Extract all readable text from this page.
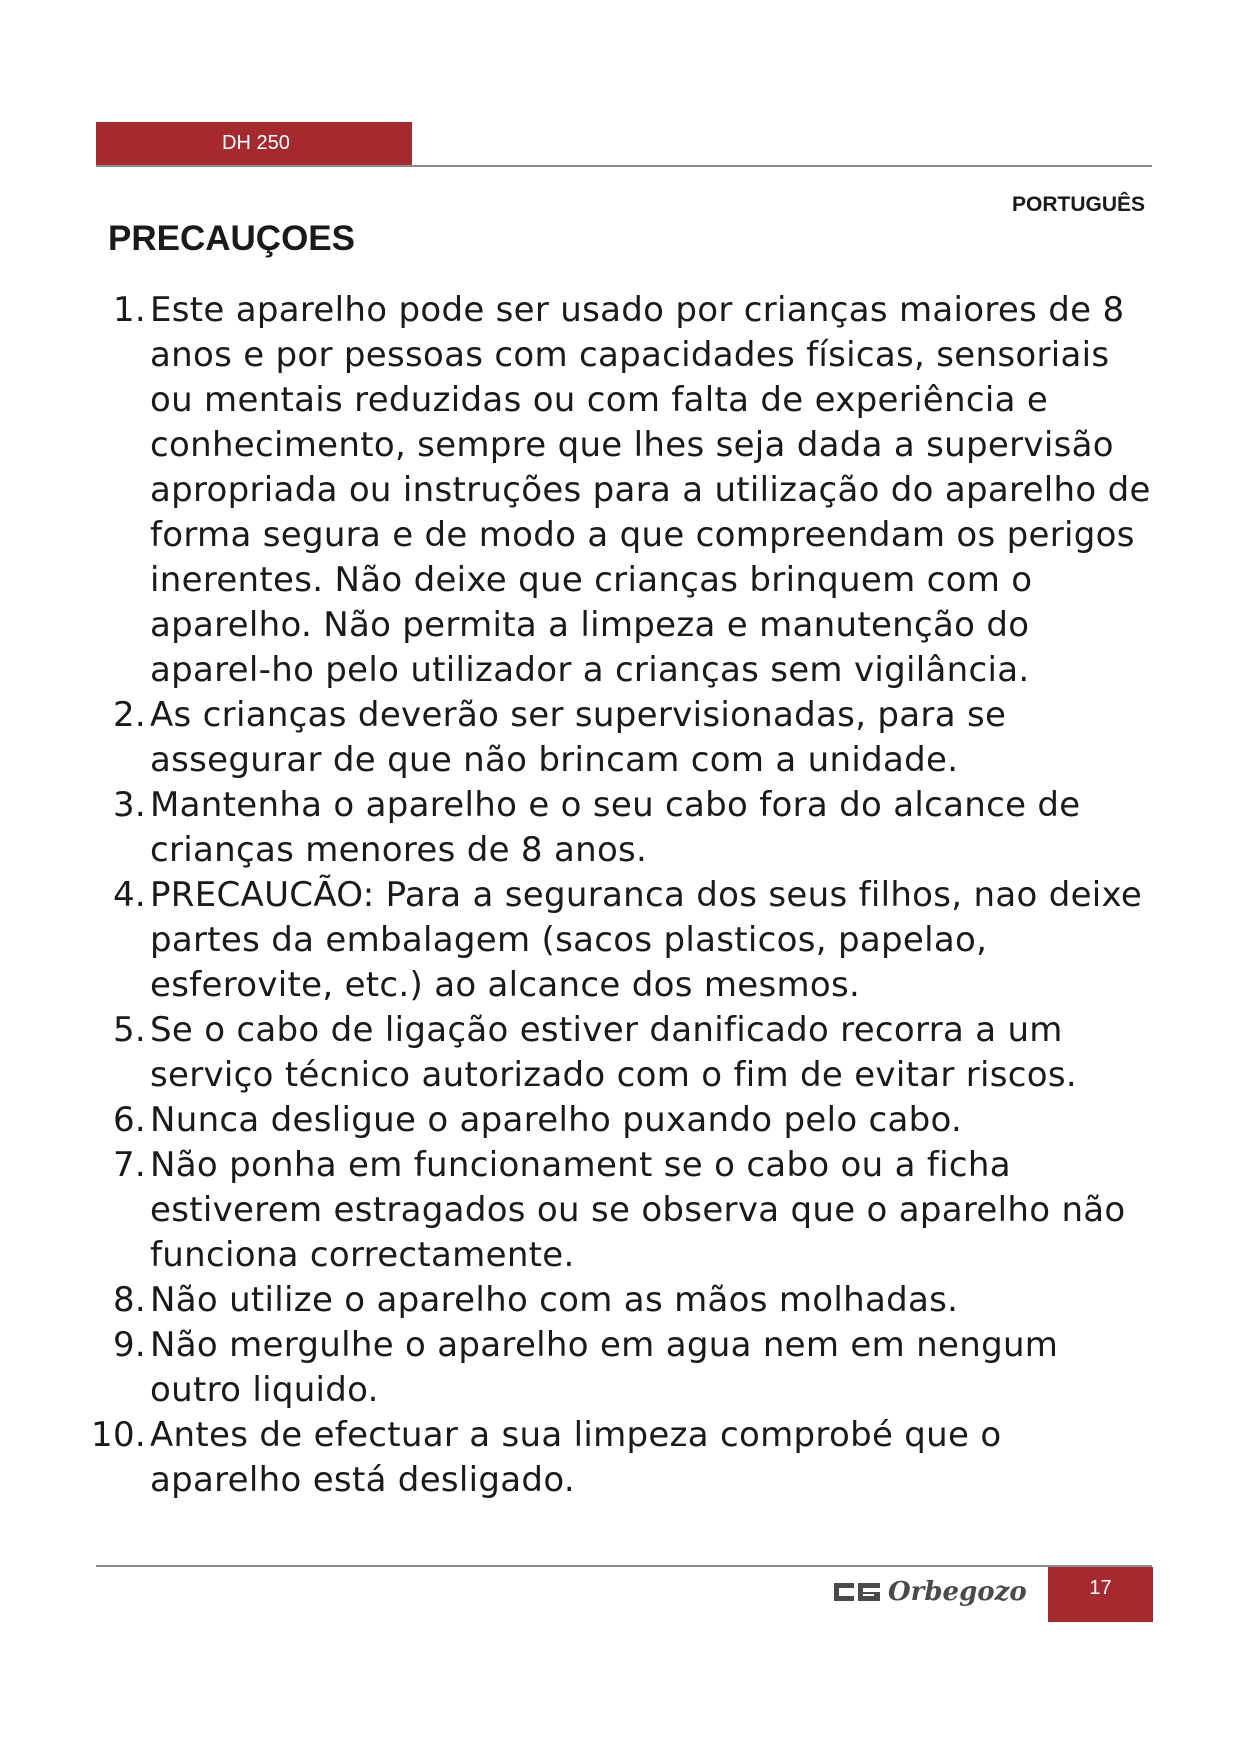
DH 250
PORTUGUÊS
PRECAUÇOES
1. Este aparelho pode ser usado por crianças maiores de 8 anos e por pessoas com capacidades físicas, sensoriais ou mentais reduzidas ou com falta de experiência e conhecimento, sempre que lhes seja dada a supervisão apropriada ou instruções para a utilização do aparelho de forma segura e de modo a que compreendam os perigos inerentes. Não deixe que crianças brinquem com o aparelho. Não permita a limpeza e manutenção do aparel-ho pelo utilizador a crianças sem vigilância.
2. As crianças deverão ser supervisionadas, para se assegurar de que não brincam com a unidade.
3. Mantenha o aparelho e o seu cabo fora do alcance de crianças menores de 8 anos.
4. PRECAUCÃO: Para a seguranca dos seus filhos, nao deixe partes da embalagem (sacos plasticos, papelao, esferovite, etc.) ao alcance dos mesmos.
5. Se o cabo de ligação estiver danificado recorra a um serviço técnico autorizado com o fim de evitar riscos.
6. Nunca desligue o aparelho puxando pelo cabo.
7. Não ponha em funcionament se o cabo ou a ficha estiverem estragados ou se observa que o aparelho não funciona correctamente.
8. Não utilize o aparelho com as mãos molhadas.
9. Não mergulhe o aparelho em agua nem em nengum outro liquido.
10. Antes de efectuar a sua limpeza comprobé que o aparelho está desligado.
Orbegozo	17
